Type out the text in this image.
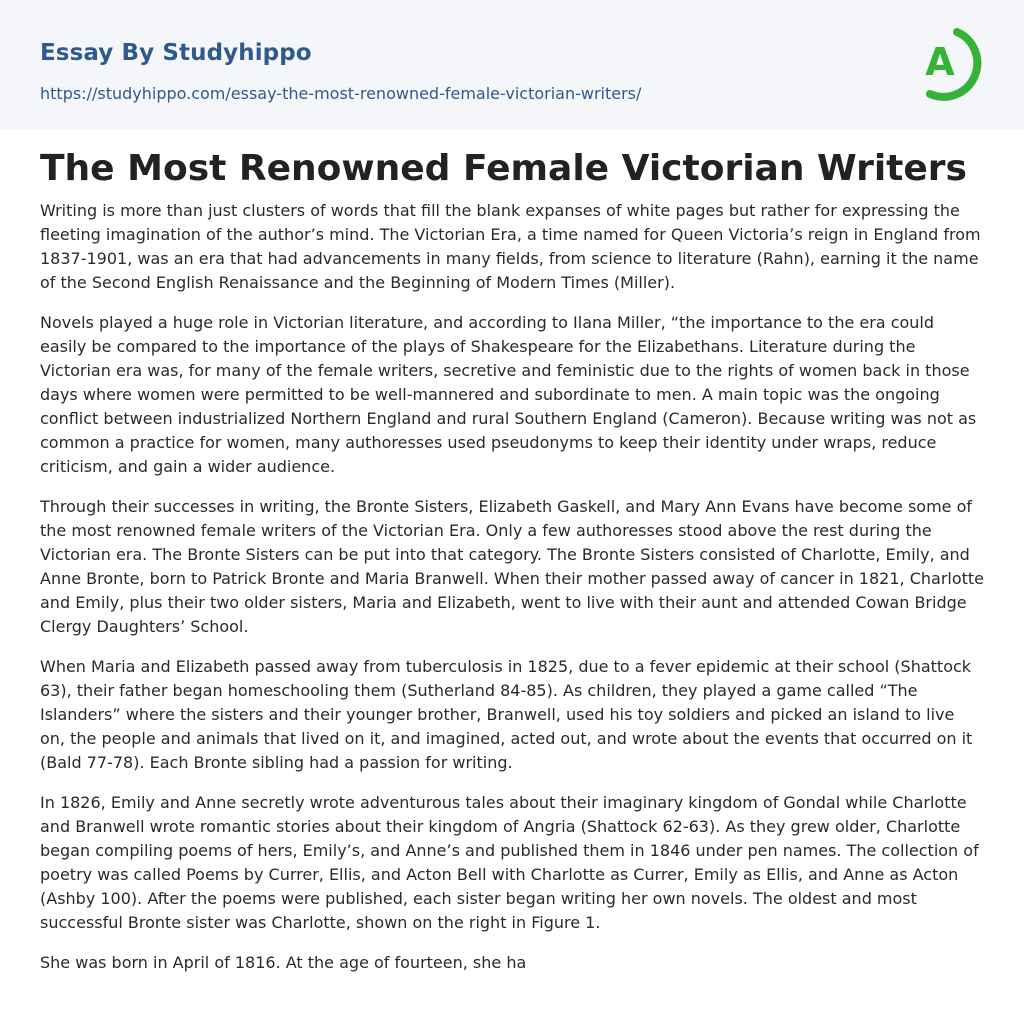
Essay By Studyhippo
https://studyhippo.com/essay-the-most-renowned-female-victorian-writers/
A
The Most Renowned Female Victorian Writers

Writing is more than just clusters of words that fill the blank expanses of white pages but rather for expressing the fleeting imagination of the author’s mind. The Victorian Era, a time named for Queen Victoria’s reign in England from 1837-1901, was an era that had advancements in many fields, from science to literature (Rahn), earning it the name of the Second English Renaissance and the Beginning of Modern Times (Miller).

Novels played a huge role in Victorian literature, and according to Ilana Miller, “the importance to the era could easily be compared to the importance of the plays of Shakespeare for the Elizabethans. Literature during the Victorian era was, for many of the female writers, secretive and feministic due to the rights of women back in those days where women were permitted to be well-mannered and subordinate to men. A main topic was the ongoing conflict between industrialized Northern England and rural Southern England (Cameron). Because writing was not as common a practice for women, many authoresses used pseudonyms to keep their identity under wraps, reduce criticism, and gain a wider audience.

Through their successes in writing, the Bronte Sisters, Elizabeth Gaskell, and Mary Ann Evans have become some of the most renowned female writers of the Victorian Era. Only a few authoresses stood above the rest during the Victorian era. The Bronte Sisters can be put into that category. The Bronte Sisters consisted of Charlotte, Emily, and Anne Bronte, born to Patrick Bronte and Maria Branwell. When their mother passed away of cancer in 1821, Charlotte and Emily, plus their two older sisters, Maria and Elizabeth, went to live with their aunt and attended Cowan Bridge Clergy Daughters’ School.

When Maria and Elizabeth passed away from tuberculosis in 1825, due to a fever epidemic at their school (Shattock 63), their father began homeschooling them (Sutherland 84-85). As children, they played a game called “The Islanders” where the sisters and their younger brother, Branwell, used his toy soldiers and picked an island to live on, the people and animals that lived on it, and imagined, acted out, and wrote about the events that occurred on it (Bald 77-78). Each Bronte sibling had a passion for writing.

In 1826, Emily and Anne secretly wrote adventurous tales about their imaginary kingdom of Gondal while Charlotte and Branwell wrote romantic stories about their kingdom of Angria (Shattock 62-63). As they grew older, Charlotte began compiling poems of hers, Emily’s, and Anne’s and published them in 1846 under pen names. The collection of poetry was called Poems by Currer, Ellis, and Acton Bell with Charlotte as Currer, Emily as Ellis, and Anne as Acton (Ashby 100). After the poems were published, each sister began writing her own novels. The oldest and most successful Bronte sister was Charlotte, shown on the right in Figure 1.

She was born in April of 1816. At the age of fourteen, she ha
